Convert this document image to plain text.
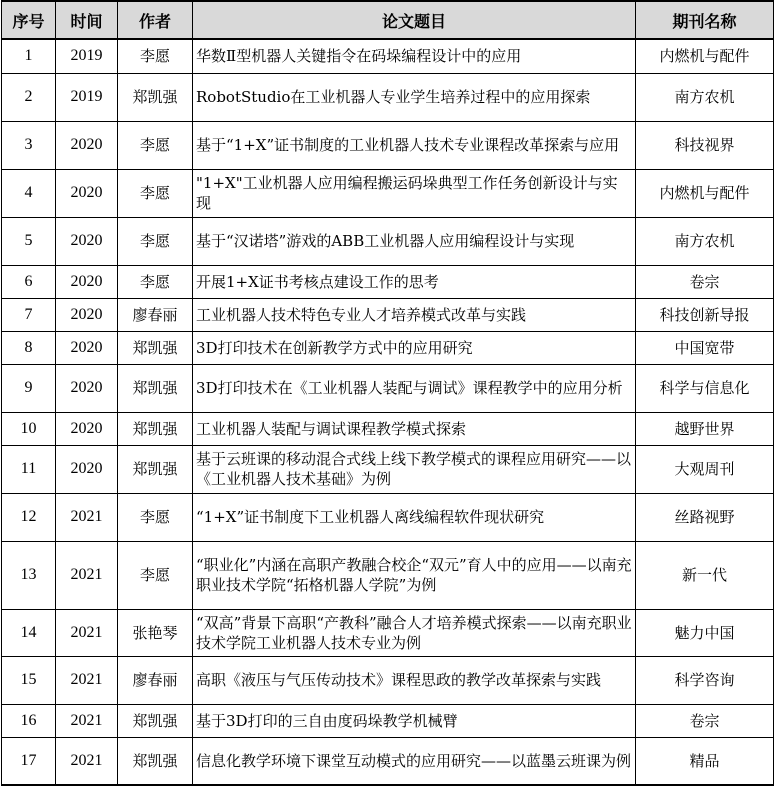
序号	时间	作者	论文题目	期刊名称
1	2019	李愿	华数Ⅱ型机器人关键指令在码垛编程设计中的应用	内燃机与配件
2	2019	郑凯强	RobotStudio在工业机器人专业学生培养过程中的应用探索	南方农机
3	2020	李愿	基于“1+X”证书制度的工业机器人技术专业课程改革探索与应用	科技视界
4	2020	李愿	"1+X"工业机器人应用编程搬运码垛典型工作任务创新设计与实现	内燃机与配件
5	2020	李愿	基于“汉诺塔”游戏的ABB工业机器人应用编程设计与实现	南方农机
6	2020	李愿	开展1+X证书考核点建设工作的思考	卷宗
7	2020	廖春丽	工业机器人技术特色专业人才培养模式改革与实践	科技创新导报
8	2020	郑凯强	3D打印技术在创新教学方式中的应用研究	中国宽带
9	2020	郑凯强	3D打印技术在《工业机器人装配与调试》课程教学中的应用分析	科学与信息化
10	2020	郑凯强	工业机器人装配与调试课程教学模式探索	越野世界
11	2020	郑凯强	基于云班课的移动混合式线上线下教学模式的课程应用研究——以《工业机器人技术基础》为例	大观周刊
12	2021	李愿	“1+X”证书制度下工业机器人离线编程软件现状研究	丝路视野
13	2021	李愿	“职业化”内涵在高职产教融合校企“双元”育人中的应用——以南充职业技术学院“拓格机器人学院”为例	新一代
14	2021	张艳琴	“双高”背景下高职“产教科”融合人才培养模式探索——以南充职业技术学院工业机器人技术专业为例	魅力中国
15	2021	廖春丽	高职《液压与气压传动技术》课程思政的教学改革探索与实践	科学咨询
16	2021	郑凯强	基于3D打印的三自由度码垛教学机械臂	卷宗
17	2021	郑凯强	信息化教学环境下课堂互动模式的应用研究——以蓝墨云班课为例	精品
